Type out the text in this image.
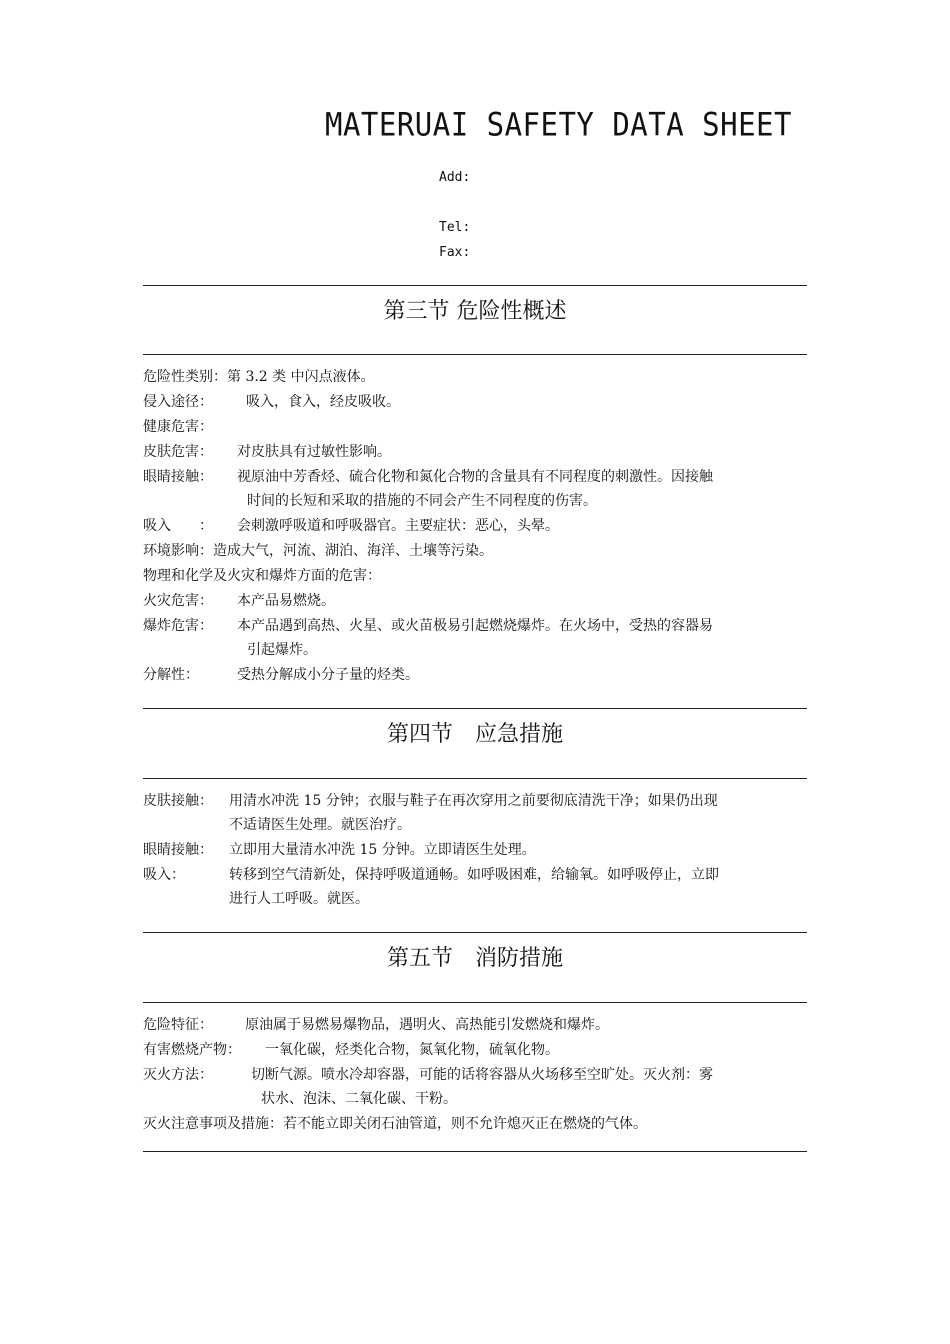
MATERUAI SAFETY DATA SHEET
Add:
Tel:
Fax:
第三节 危险性概述
危险性类别：第 3.2 类 中闪点液体。
侵入途径： 吸入，食入，经皮吸收。
健康危害：
皮肤危害： 对皮肤具有过敏性影响。
眼睛接触： 视原油中芳香烃、硫合化物和氮化合物的含量具有不同程度的刺激性。因接触
时间的长短和采取的措施的不同会产生不同程度的伤害。
吸入　　： 会刺激呼吸道和呼吸器官。主要症状：恶心，头晕。
环境影响：造成大气，河流、湖泊、海洋、土壤等污染。
物理和化学及火灾和爆炸方面的危害：
火灾危害： 本产品易燃烧。
爆炸危害： 本产品遇到高热、火星、或火苗极易引起燃烧爆炸。在火场中，受热的容器易
引起爆炸。
分解性：	受热分解成小分子量的烃类。
第四节　应急措施
皮肤接触： 用清水冲洗 15 分钟；衣服与鞋子在再次穿用之前要彻底清洗干净；如果仍出现
不适请医生处理。就医治疗。
眼睛接触： 立即用大量清水冲洗 15 分钟。立即请医生处理。
吸入：	转移到空气清新处，保持呼吸道通畅。如呼吸困难，给输氧。如呼吸停止，立即
进行人工呼吸。就医。
第五节　消防措施
危险特征： 原油属于易燃易爆物品，遇明火、高热能引发燃烧和爆炸。
有害燃烧产物： 一氧化碳，烃类化合物，氮氧化物，硫氧化物。
灭火方法：	切断气源。喷水冷却容器，可能的话将容器从火场移至空旷处。灭火剂：雾
状水、泡沫、二氧化碳、干粉。
灭火注意事项及措施：若不能立即关闭石油管道，则不允许熄灭正在燃烧的气体。
